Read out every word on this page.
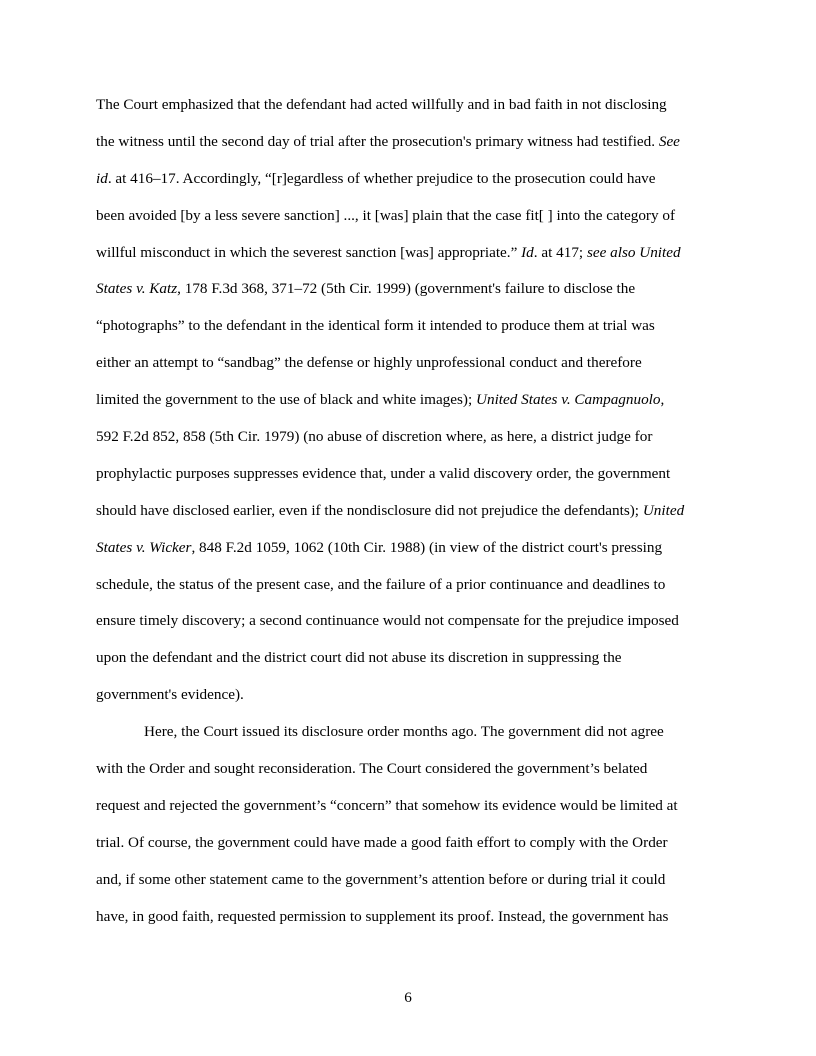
The Court emphasized that the defendant had acted willfully and in bad faith in not disclosing
the witness until the second day of trial after the prosecution's primary witness had testified. See
id. at 416–17. Accordingly, “[r]egardless of whether prejudice to the prosecution could have
been avoided [by a less severe sanction] ..., it [was] plain that the case fit[ ] into the category of
willful misconduct in which the severest sanction [was] appropriate.” Id. at 417; see also United
States v. Katz, 178 F.3d 368, 371–72 (5th Cir. 1999) (government's failure to disclose the
“photographs” to the defendant in the identical form it intended to produce them at trial was
either an attempt to “sandbag” the defense or highly unprofessional conduct and therefore
limited the government to the use of black and white images); United States v. Campagnuolo,
592 F.2d 852, 858 (5th Cir. 1979) (no abuse of discretion where, as here, a district judge for
prophylactic purposes suppresses evidence that, under a valid discovery order, the government
should have disclosed earlier, even if the nondisclosure did not prejudice the defendants); United
States v. Wicker, 848 F.2d 1059, 1062 (10th Cir. 1988) (in view of the district court's pressing
schedule, the status of the present case, and the failure of a prior continuance and deadlines to
ensure timely discovery; a second continuance would not compensate for the prejudice imposed
upon the defendant and the district court did not abuse its discretion in suppressing the
government's evidence).
Here, the Court issued its disclosure order months ago. The government did not agree
with the Order and sought reconsideration. The Court considered the government’s belated
request and rejected the government’s “concern” that somehow its evidence would be limited at
trial. Of course, the government could have made a good faith effort to comply with the Order
and, if some other statement came to the government’s attention before or during trial it could
have, in good faith, requested permission to supplement its proof. Instead, the government has
6
